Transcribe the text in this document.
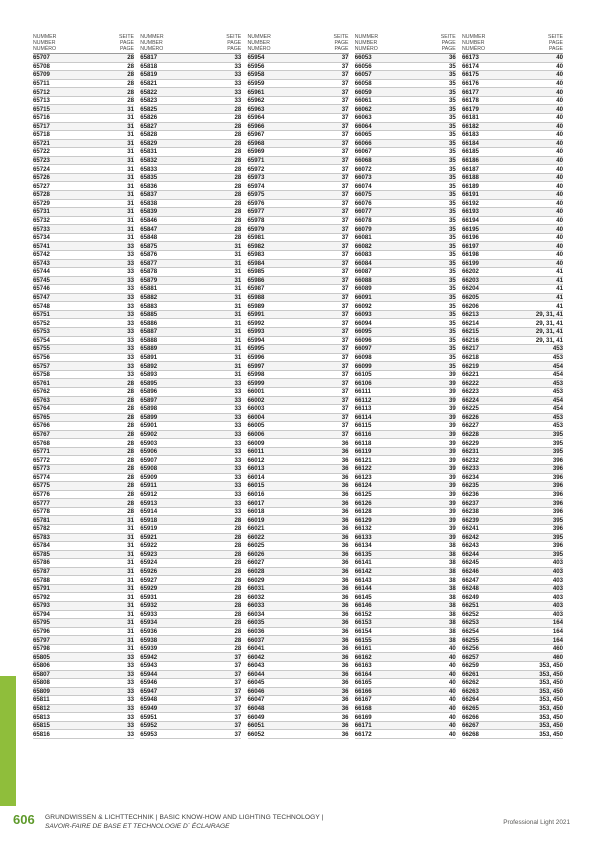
NUMMER
NUMBER
NUMÉRO
SEITE
PAGE
PAGE
65707	28
65708	28
65709	28
65711	28
65712	28
65713	28
65715	31
65716	31
65717	31
65718	31
65721	31
65722	31
65723	31
65724	31
65726	31
65727	31
65728	31
65729	31
65731	31
65732	31
65733	31
65734	31
65741	33
65742	33
65743	33
65744	33
65745	33
65746	33
65747	33
65748	33
65751	33
65752	33
65753	33
65754	33
65755	33
65756	33
65757	33
65758	33
65761	28
65762	28
65763	28
65764	28
65765	28
65766	28
65767	28
65768	28
65771	28
65772	28
65773	28
65774	28
65775	28
65776	28
65777	28
65778	28
65781	31
65782	31
65783	31
65784	31
65785	31
65786	31
65787	31
65788	31
65791	31
65792	31
65793	31
65794	31
65795	31
65796	31
65797	31
65798	31
65805	33
65806	33
65807	33
65808	33
65809	33
65811	33
65812	33
65813	33
65815	33
65816	33
NUMMER
NUMBER
NUMÉRO
SEITE
PAGE
PAGE
65817	33
65818	33
65819	33
65821	33
65822	33
65823	33
65825	28
65826	28
65827	28
65828	28
65829	28
65831	28
65832	28
65833	28
65835	28
65836	28
65837	28
65838	28
65839	28
65846	28
65847	28
65848	28
65875	31
65876	31
65877	31
65878	31
65879	31
65881	31
65882	31
65883	31
65885	31
65886	31
65887	31
65888	31
65889	31
65891	31
65892	31
65893	31
65895	33
65896	33
65897	33
65898	33
65899	33
65901	33
65902	33
65903	33
65906	33
65907	33
65908	33
65909	33
65911	33
65912	33
65913	33
65914	33
65918	28
65919	28
65921	28
65922	28
65923	28
65924	28
65926	28
65927	28
65929	28
65931	28
65932	28
65933	28
65934	28
65936	28
65938	28
65939	28
65942	37
65943	37
65944	37
65946	37
65947	37
65948	37
65949	37
65951	37
65952	37
65953	37
NUMMER
NUMBER
NUMÉRO
SEITE
PAGE
PAGE
65954	37
65956	37
65958	37
65959	37
65961	37
65962	37
65963	37
65964	37
65966	37
65967	37
65968	37
65969	37
65971	37
65972	37
65973	37
65974	37
65975	37
65976	37
65977	37
65978	37
65979	37
65981	37
65982	37
65983	37
65984	37
65985	37
65986	37
65987	37
65988	37
65989	37
65991	37
65992	37
65993	37
65994	37
65995	37
65996	37
65997	37
65998	37
65999	37
66001	37
66002	37
66003	37
66004	37
66005	37
66006	37
66009	36
66011	36
66012	36
66013	36
66014	36
66015	36
66016	36
66017	36
66018	36
66019	36
66021	36
66022	36
66025	36
66026	36
66027	36
66028	36
66029	36
66031	36
66032	36
66033	36
66034	36
66035	36
66036	36
66037	36
66041	36
66042	36
66043	36
66044	36
66045	36
66046	36
66047	36
66048	36
66049	36
66051	36
66052	36
NUMMER
NUMBER
NUMÉRO
SEITE
PAGE
PAGE
66053	36
66056	35
66057	35
66058	35
66059	35
66061	35
66062	35
66063	35
66064	35
66065	35
66066	35
66067	35
66068	35
66072	35
66073	35
66074	35
66075	35
66076	35
66077	35
66078	35
66079	35
66081	35
66082	35
66083	35
66084	35
66087	35
66088	35
66089	35
66091	35
66092	35
66093	35
66094	35
66095	35
66096	35
66097	35
66098	35
66099	35
66105	39
66106	39
66111	39
66112	39
66113	39
66114	39
66115	39
66116	39
66118	39
66119	39
66121	39
66122	39
66123	39
66124	39
66125	39
66126	39
66128	39
66129	39
66132	39
66133	39
66134	38
66135	38
66141	38
66142	38
66143	38
66144	38
66145	38
66146	38
66152	38
66153	38
66154	38
66155	38
66161	40
66162	40
66163	40
66164	40
66165	40
66166	40
66167	40
66168	40
66169	40
66171	40
66172	40
NUMMER
NUMBER
NUMÉRO
SEITE
PAGE
PAGE
66173	40
66174	40
66175	40
66176	40
66177	40
66178	40
66179	40
66181	40
66182	40
66183	40
66184	40
66185	40
66186	40
66187	40
66188	40
66189	40
66191	40
66192	40
66193	40
66194	40
66195	40
66196	40
66197	40
66198	40
66199	40
66202	41
66203	41
66204	41
66205	41
66206	41
66213	29, 31, 41
66214	29, 31, 41
66215	29, 31, 41
66216	29, 31, 41
66217	453
66218	453
66219	454
66221	454
66222	453
66223	453
66224	454
66225	454
66226	453
66227	453
66228	395
66229	395
66231	395
66232	396
66233	396
66234	396
66235	396
66236	396
66237	396
66238	396
66239	395
66241	396
66242	395
66243	396
66244	395
66245	403
66246	403
66247	403
66248	403
66249	403
66251	403
66252	403
66253	164
66254	164
66255	164
66256	460
66257	460
66259	353, 450
66261	353, 450
66262	353, 450
66263	353, 450
66264	353, 450
66265	353, 450
66266	353, 450
66267	353, 450
66268	353, 450
606 GRUNDWISSEN & LICHTTECHNIK | BASIC KNOW-HOW AND LIGHTING TECHNOLOGY |
SAVOIR-FAIRE DE BASE ET TECHNOLOGIE D´ ÉCLAIRAGE
Professional Light 2021
